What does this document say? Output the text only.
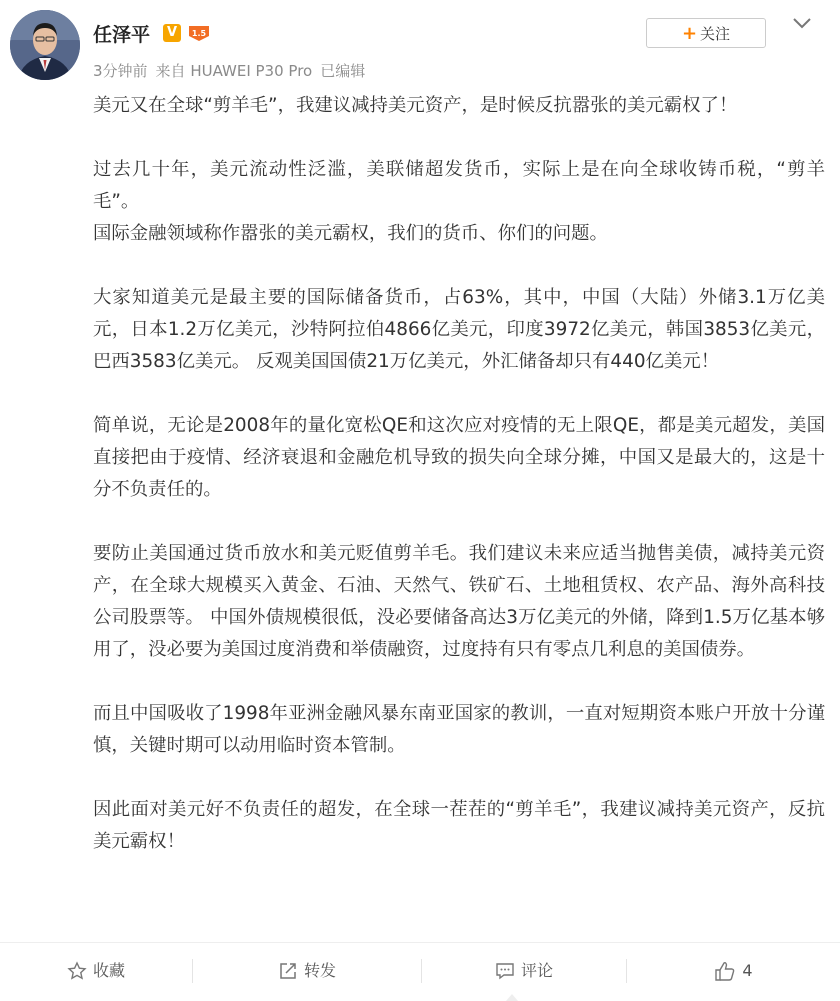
任泽平	V	1.5
3分钟前 来自 HUAWEI P30 Pro 已编辑
+ 关注

美元又在全球“剪羊毛”，我建议减持美元资产，是时候反抗嚣张的美元霸权了！

过去几十年，美元流动性泛滥，美联储超发货币，实际上是在向全球收铸币税，“剪羊毛”。

国际金融领域称作嚣张的美元霸权，我们的货币、你们的问题。

大家知道美元是最主要的国际储备货币，占63%，其中，中国（大陆）外储3.1万亿美元，日本1.2万亿美元，沙特阿拉伯4866亿美元，印度3972亿美元，韩国3853亿美元，巴西3583亿美元。 反观美国国债21万亿美元，外汇储备却只有440亿美元！

简单说，无论是2008年的量化宽松QE和这次应对疫情的无上限QE，都是美元超发，美国直接把由于疫情、经济衰退和金融危机导致的损失向全球分摊，中国又是最大的，这是十分不负责任的。

要防止美国通过货币放水和美元贬值剪羊毛。我们建议未来应适当抛售美债，减持美元资产，在全球大规模买入黄金、石油、天然气、铁矿石、土地租赁权、农产品、海外高科技公司股票等。 中国外债规模很低，没必要储备高达3万亿美元的外储，降到1.5万亿基本够用了，没必要为美国过度消费和举债融资，过度持有只有零点几利息的美国债券。

而且中国吸收了1998年亚洲金融风暴东南亚国家的教训，一直对短期资本账户开放十分谨慎，关键时期可以动用临时资本管制。

因此面对美元好不负责任的超发，在全球一茬茬的“剪羊毛”，我建议减持美元资产，反抗美元霸权！

收藏	转发	评论	4
